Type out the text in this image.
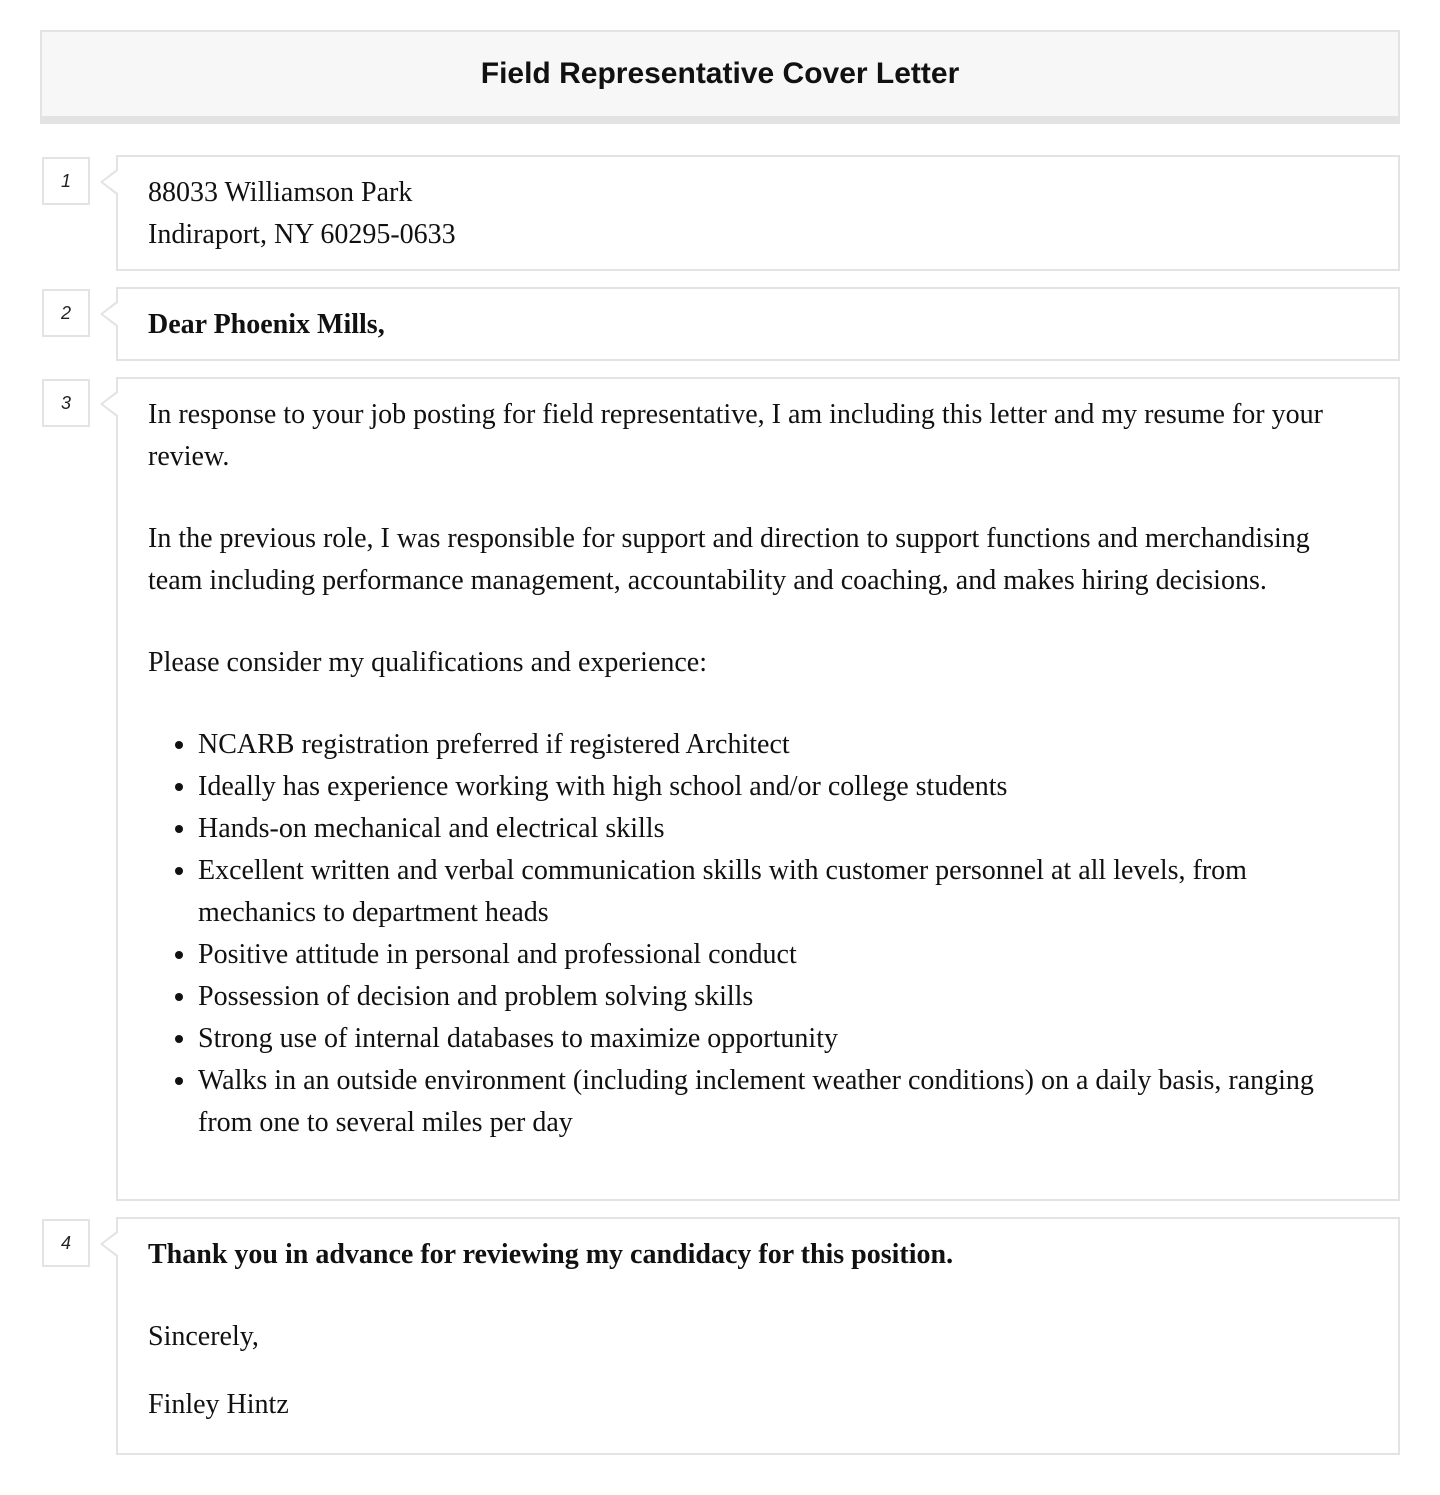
Field Representative Cover Letter
1	88033 Williamson Park

Indiraport, NY 60295-0633

2	Dear Phoenix Mills,

3	In response to your job posting for field representative, I am including this letter and my resume for your review.

In the previous role, I was responsible for support and direction to support functions and merchandising team including performance management, accountability and coaching, and makes hiring decisions.

Please consider my qualifications and experience:

• NCARB registration preferred if registered Architect
• Ideally has experience working with high school and/or college students
• Hands-on mechanical and electrical skills
• Excellent written and verbal communication skills with customer personnel at all levels, from mechanics to department heads
• Positive attitude in personal and professional conduct
• Possession of decision and problem solving skills
• Strong use of internal databases to maximize opportunity
• Walks in an outside environment (including inclement weather conditions) on a daily basis, ranging from one to several miles per day
4	Thank you in advance for reviewing my candidacy for this position.

Sincerely,

Finley Hintz
